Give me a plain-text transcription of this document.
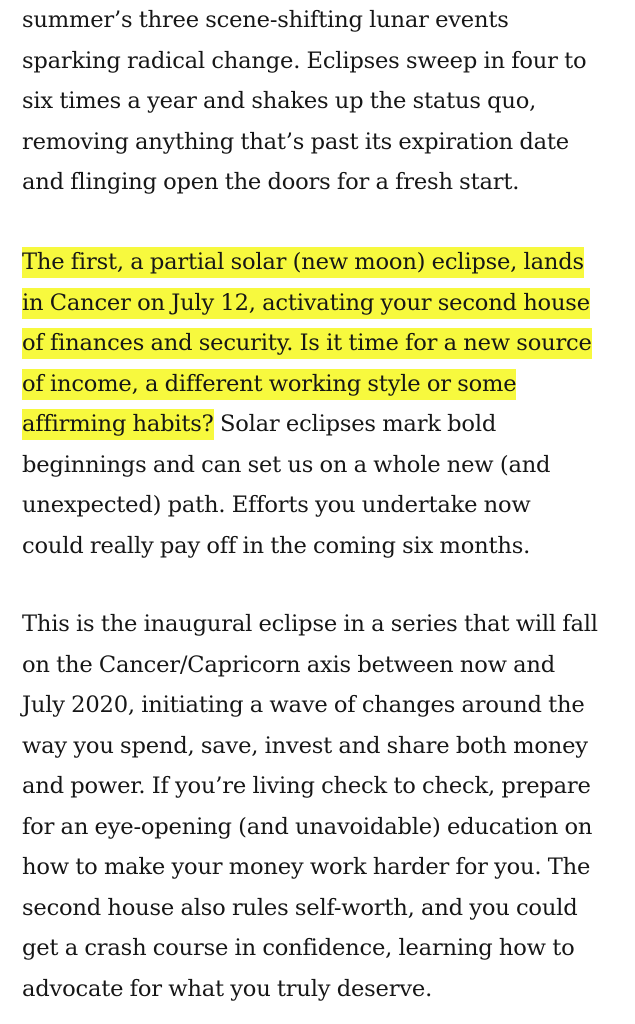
summer’s three scene-shifting lunar events
sparking radical change. Eclipses sweep in four to
six times a year and shakes up the status quo,
removing anything that’s past its expiration date
and flinging open the doors for a fresh start.

The first, a partial solar (new moon) eclipse, lands
in Cancer on July 12, activating your second house
of finances and security. Is it time for a new source
of income, a different working style or some
affirming habits? Solar eclipses mark bold
beginnings and can set us on a whole new (and
unexpected) path. Efforts you undertake now
could really pay off in the coming six months.

This is the inaugural eclipse in a series that will fall
on the Cancer/Capricorn axis between now and
July 2020, initiating a wave of changes around the
way you spend, save, invest and share both money
and power. If you’re living check to check, prepare
for an eye-opening (and unavoidable) education on
how to make your money work harder for you. The
second house also rules self-worth, and you could
get a crash course in confidence, learning how to
advocate for what you truly deserve.
